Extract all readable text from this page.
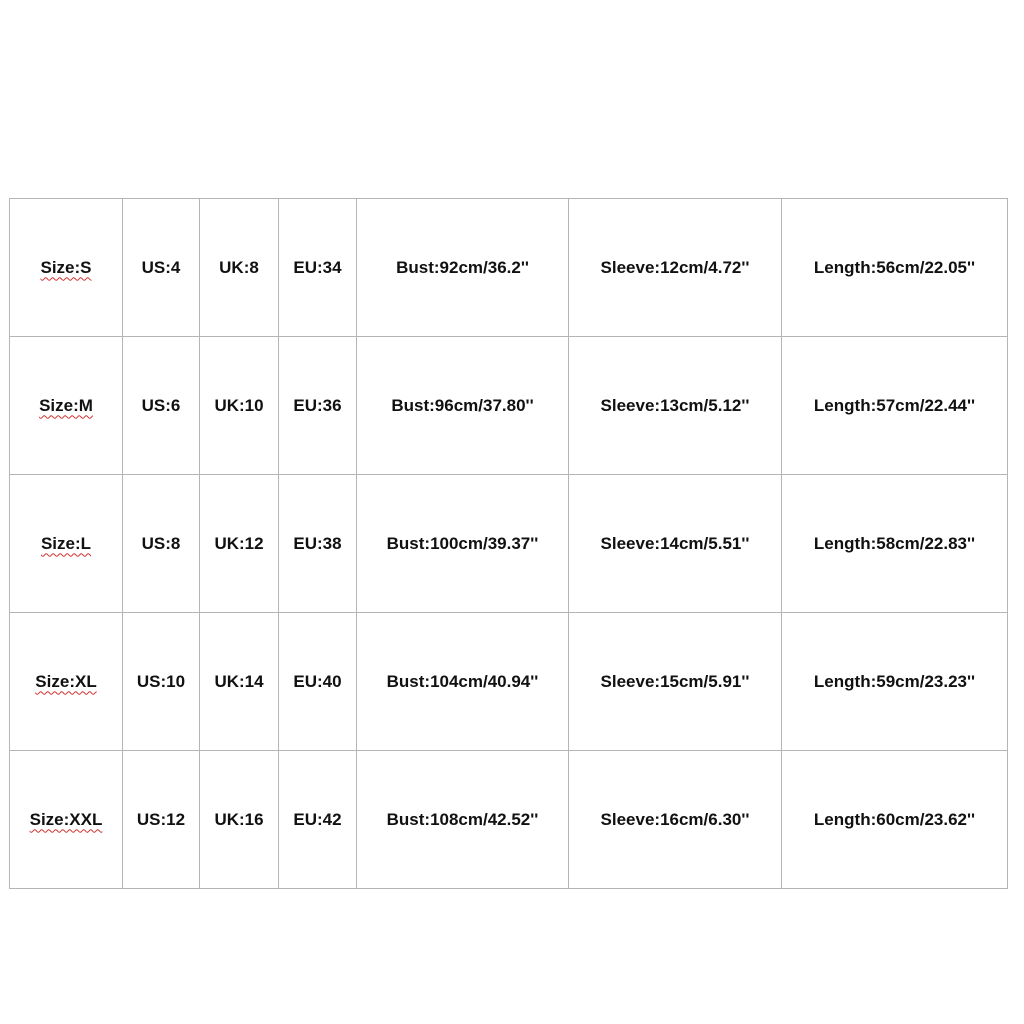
Size:S	US:4	UK:8	EU:34	Bust:92cm/36.2''	Sleeve:12cm/4.72''	Length:56cm/22.05''
Size:M	US:6	UK:10	EU:36	Bust:96cm/37.80''	Sleeve:13cm/5.12''	Length:57cm/22.44''
Size:L	US:8	UK:12	EU:38	Bust:100cm/39.37''	Sleeve:14cm/5.51''	Length:58cm/22.83''
Size:XL	US:10	UK:14	EU:40	Bust:104cm/40.94''	Sleeve:15cm/5.91''	Length:59cm/23.23''
Size:XXL	US:12	UK:16	EU:42	Bust:108cm/42.52''	Sleeve:16cm/6.30''	Length:60cm/23.62''
